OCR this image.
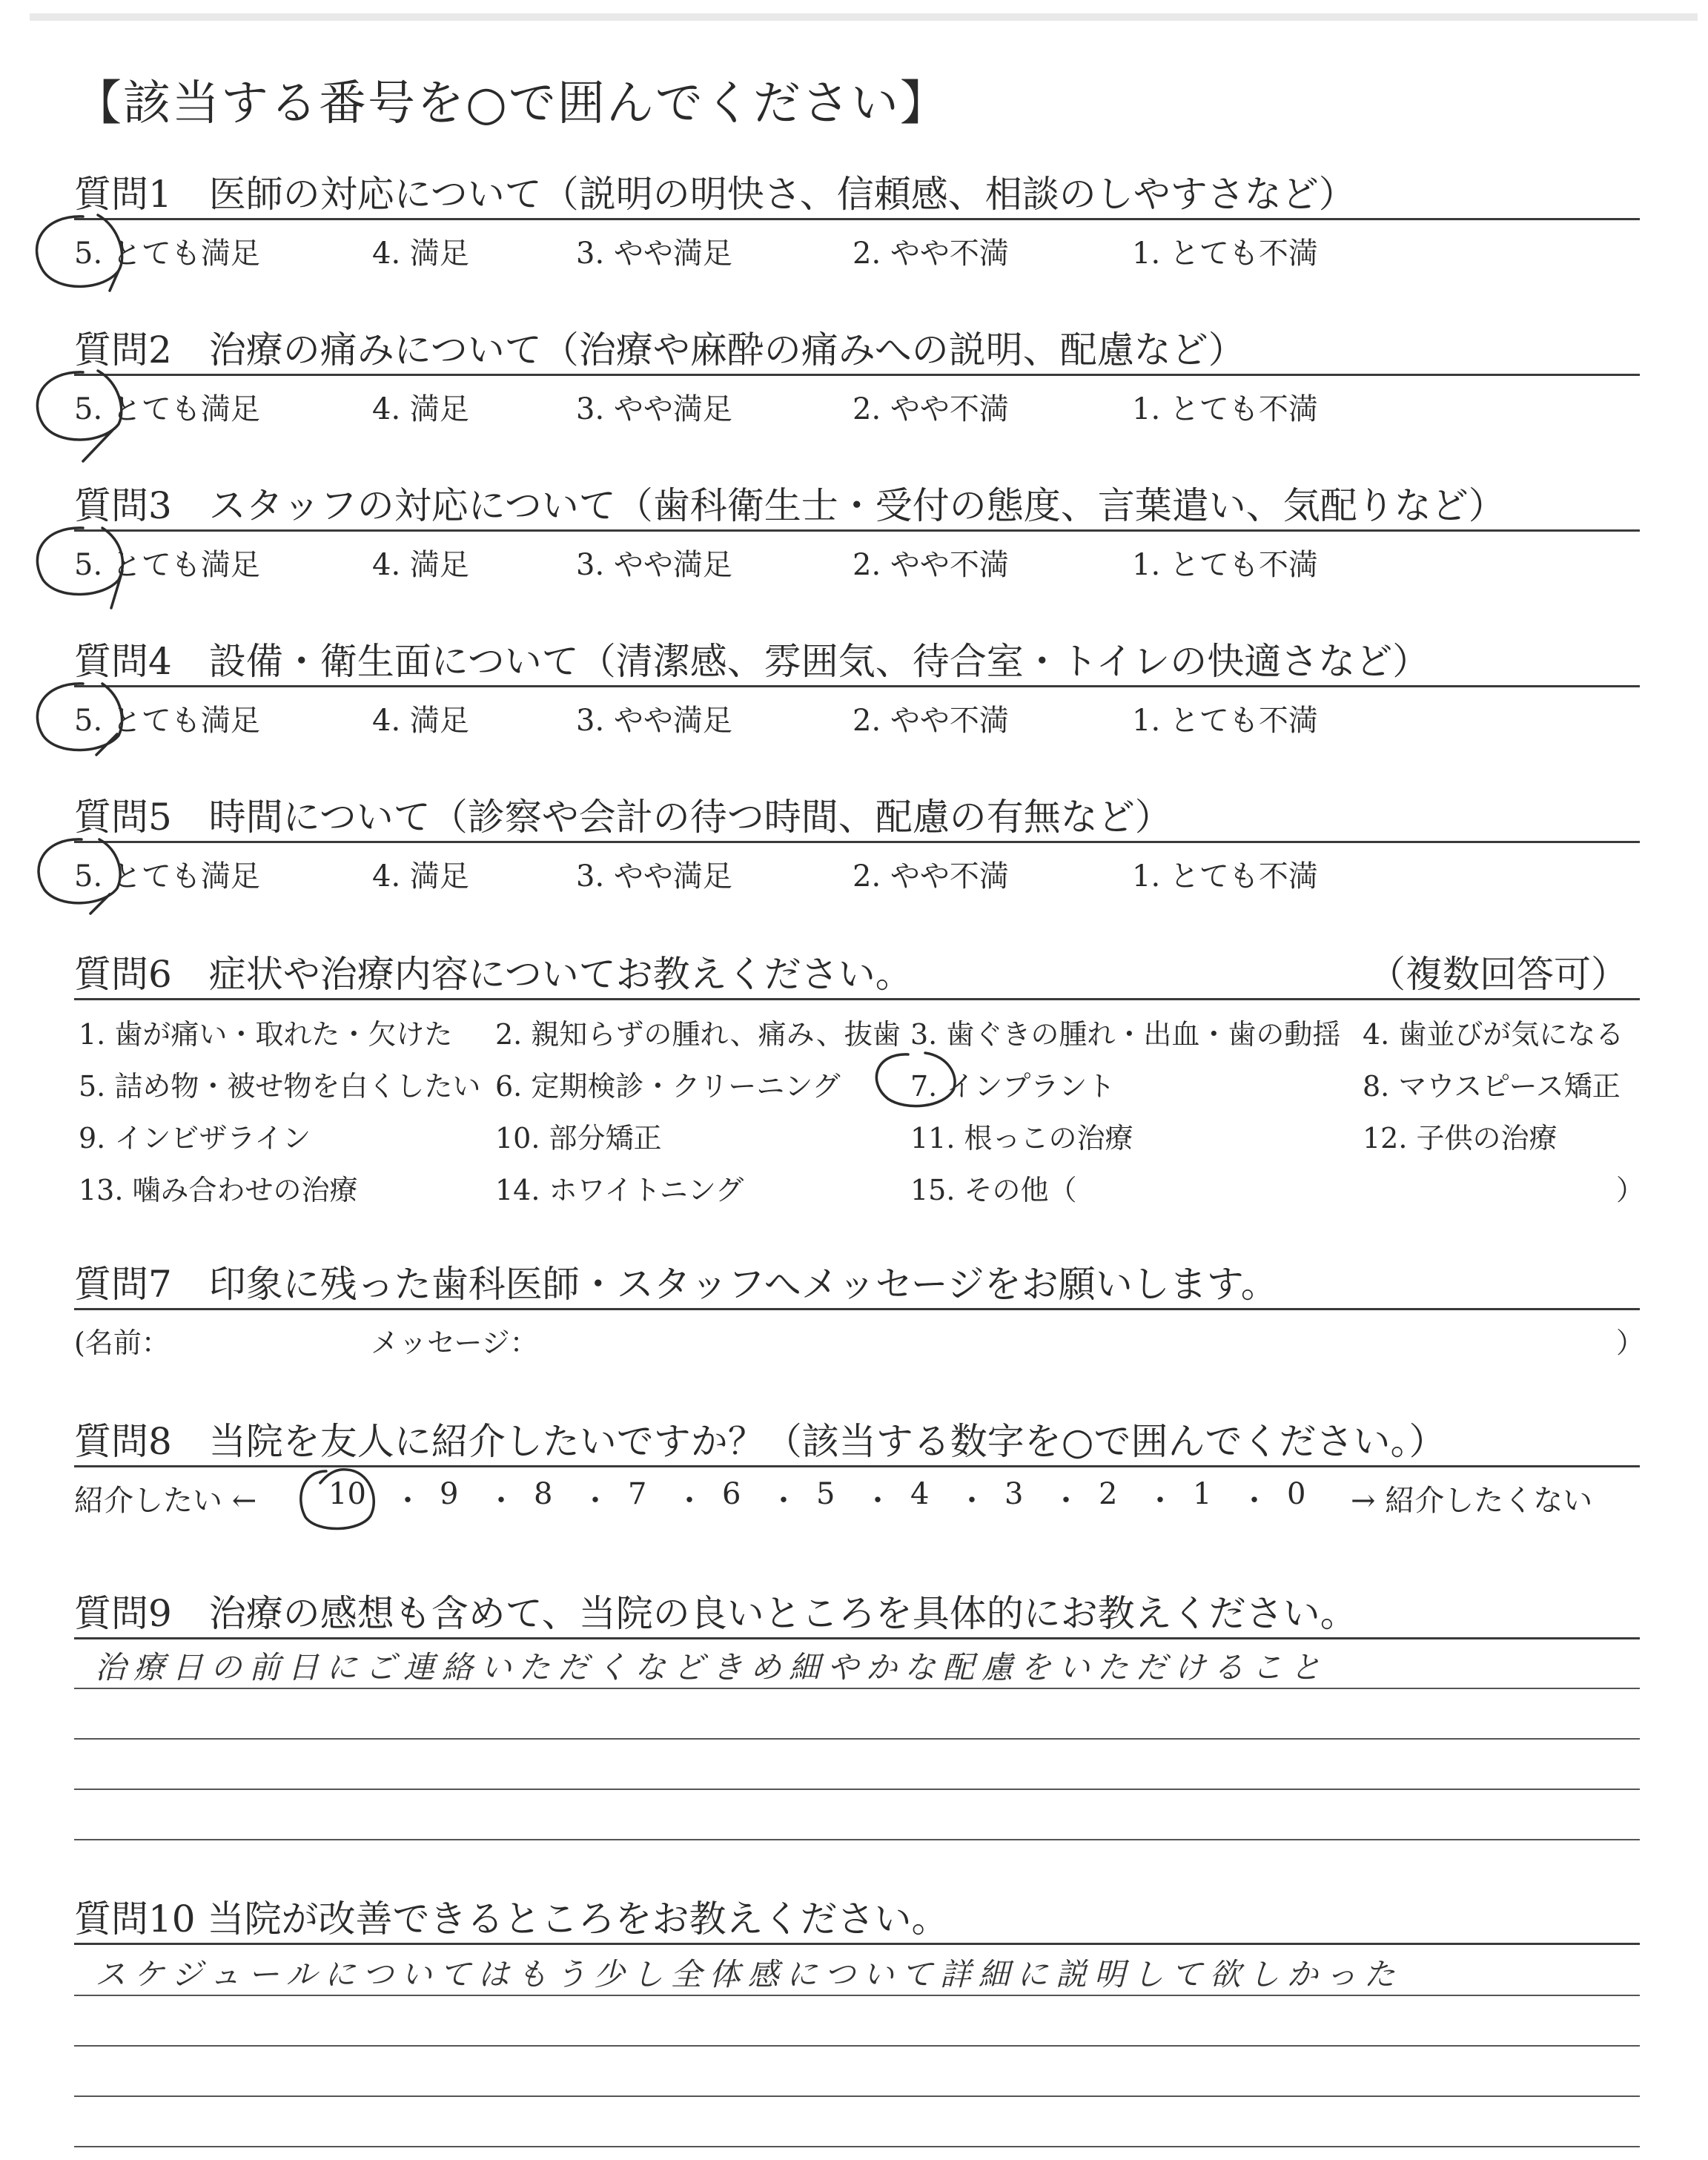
【該当する番号を○で囲んでください】
質問1　医師の対応について（説明の明快さ、信頼感、相談のしやすさなど）
5. とても満足	4. 満足	3. やや満足	2. やや不満	1. とても不満
質問2　治療の痛みについて（治療や麻酔の痛みへの説明、配慮など）
5. とても満足	4. 満足	3. やや満足	2. やや不満	1. とても不満
質問3　スタッフの対応について（歯科衛生士・受付の態度、言葉遣い、気配りなど）
5. とても満足	4. 満足	3. やや満足	2. やや不満	1. とても不満
質問4　設備・衛生面について（清潔感、雰囲気、待合室・トイレの快適さなど）
5. とても満足	4. 満足	3. やや満足	2. やや不満	1. とても不満
質問5　時間について（診察や会計の待つ時間、配慮の有無など）
5. とても満足	4. 満足	3. やや満足	2. やや不満	1. とても不満
質問6　症状や治療内容についてお教えください。	（複数回答可）
1. 歯が痛い・取れた・欠けた 2. 親知らずの腫れ、痛み、抜歯 3. 歯ぐきの腫れ・出血・歯の動揺 4. 歯並びが気になる
5. 詰め物・被せ物を白くしたい 6. 定期検診・クリーニング 7. インプラント	8. マウスピース矯正
9. インビザライン	10. 部分矯正	11. 根っこの治療	12. 子供の治療
13. 噛み合わせの治療	14. ホワイトニング	15. その他（	）
質問7　印象に残った歯科医師・スタッフへメッセージをお願いします。
(名前：	メッセージ：	）
質問8　当院を友人に紹介したいですか？（該当する数字を○で囲んでください。）
紹介したい ← 10 ・ 9 ・ 8 ・ 7 ・ 6 ・ 5 ・ 4 ・ 3 ・ 2 ・ 1 ・ 0 → 紹介したくない
質問9　治療の感想も含めて、当院の良いところを具体的にお教えください。
治療日の前日にご連絡いただくなどきめ細やかな配慮をいただけること
質問10 当院が改善できるところをお教えください。
スケジュールについてはもう少し全体感について詳細に説明して欲しかった
